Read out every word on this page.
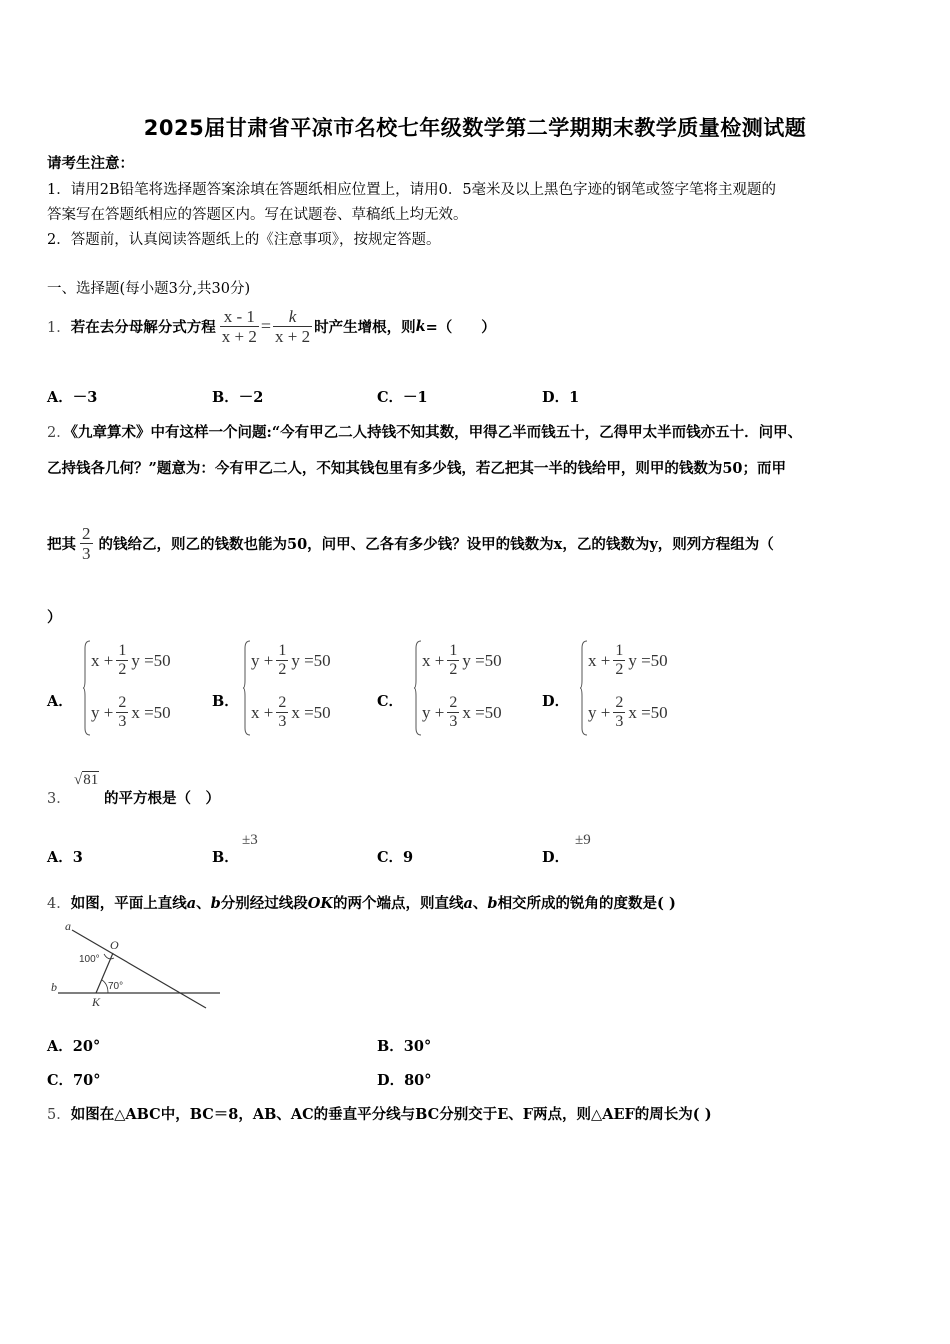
2025届甘肃省平凉市名校七年级数学第二学期期末教学质量检测试题
请考生注意：
1．请用2B铅笔将选择题答案涂填在答题纸相应位置上，请用0．5毫米及以上黑色字迹的钢笔或签字笔将主观题的
答案写在答题纸相应的答题区内。写在试题卷、草稿纸上均无效。
2．答题前，认真阅读答题纸上的《注意事项》，按规定答题。
一、选择题(每小题3分,共30分)
1． 若在去分母解分式方程 $\frac{x - 1}{x + 2} = \frac{k}{x + 2}$ 时产生增根，则 k =（　　）
A．－3	B．－2	C．－1	D．1
2．《九章算术》中有这样一个问题:“今有甲乙二人持钱不知其数，甲得乙半而钱五十，乙得甲太半而钱亦五十．问甲、
乙持钱各几何？”题意为：今有甲乙二人，不知其钱包里有多少钱，若乙把其一半的钱给甲，则甲的钱数为50；而甲
把其 $\frac{2}{3}$ 的钱给乙，则乙的钱数也能为50，问甲、乙各有多少钱？设甲的钱数为x，乙的钱数为y，则列方程组为（
）
A．
$x + \frac{1}{2}$ y =50
$y + \frac{2}{3}$ x =50
B．
$y + \frac{1}{2}$ y =50
$x + \frac{2}{3}$ x =50
C．
$x + \frac{1}{2}$ y =50
$y + \frac{2}{3}$ x =50
D．
$x + \frac{1}{2}$ y =50
$y + \frac{2}{3}$ x =50
3．
√81
的平方根是（　）
A．3	B．
±3
C．9	D．
±9
4．如图，平面上直线a、b分别经过线段OK的两个端点，则直线a、b相交所成的锐角的度数是( )
a
O
100°
70°
b
K
A．20°	B．30°
C．70°	D．80°
5．如图在△ABC中，BC＝8，AB、AC的垂直平分线与BC分别交于E、F两点，则△AEF的周长为( )
